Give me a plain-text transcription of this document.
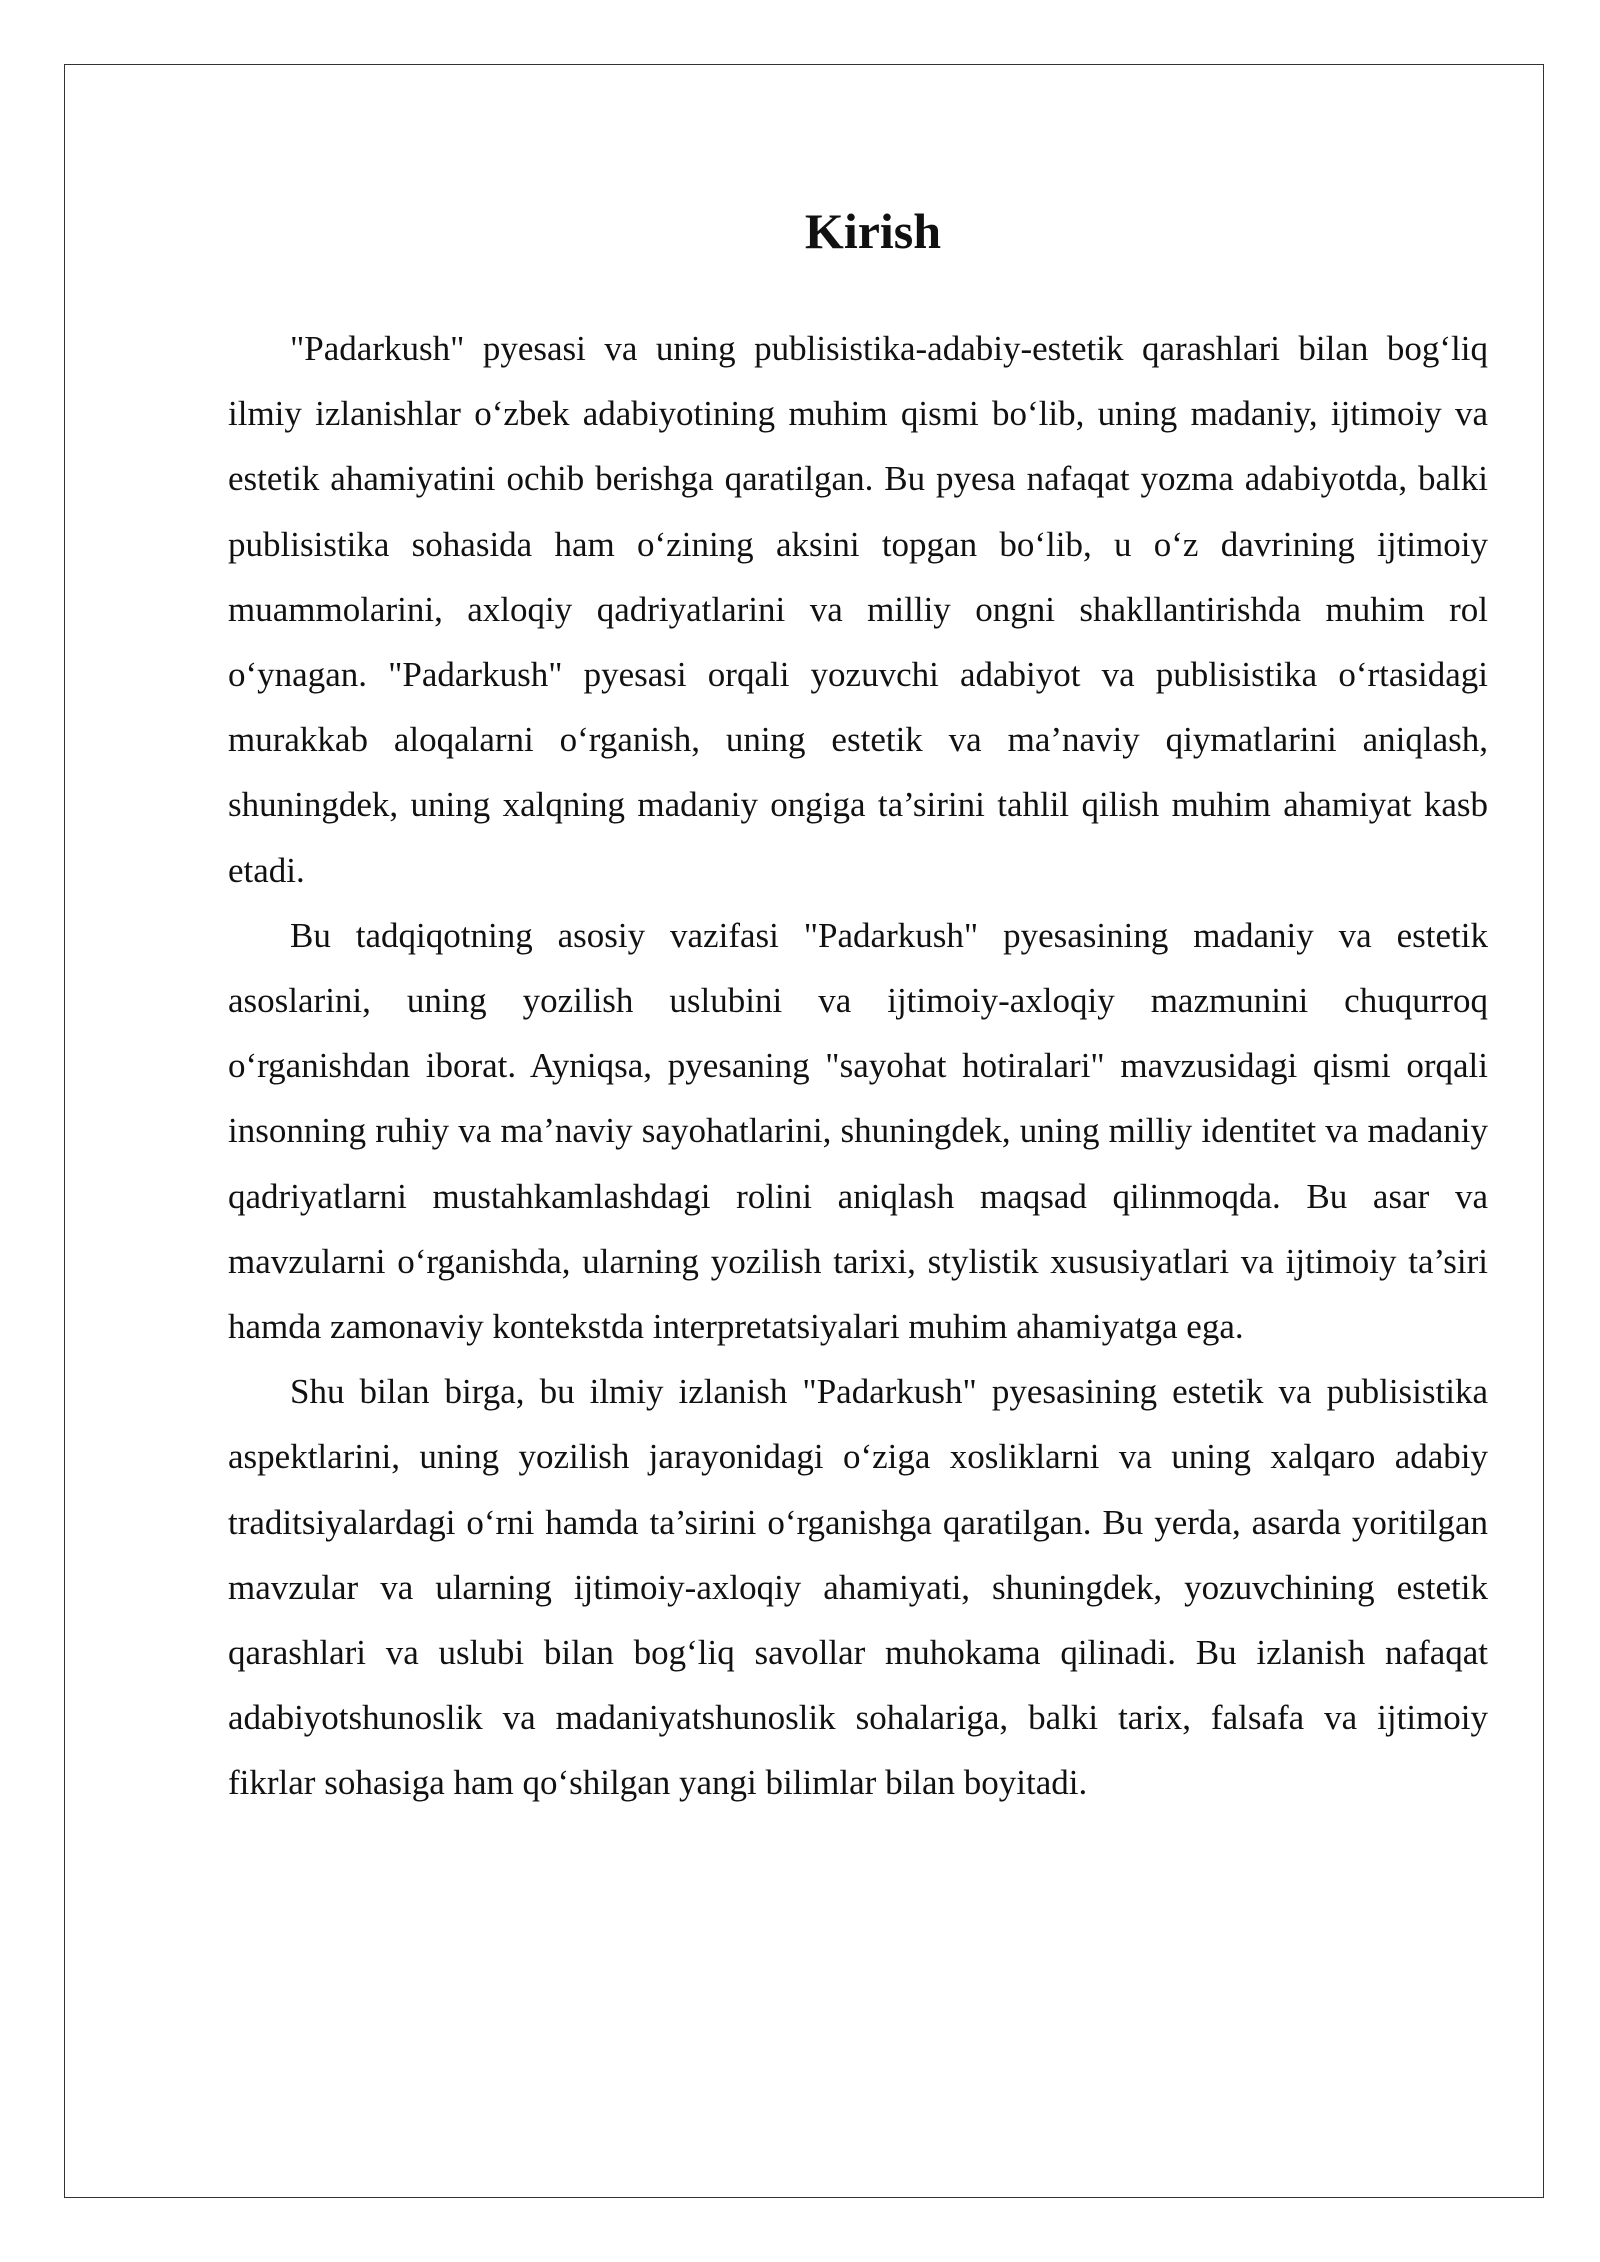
Kirish

"Padarkush" pyesasi va uning publisistika-adabiy-estetik qarashlari bilan bog‘liq ilmiy izlanishlar o‘zbek adabiyotining muhim qismi bo‘lib, uning madaniy, ijtimoiy va estetik ahamiyatini ochib berishga qaratilgan. Bu pyesa nafaqat yozma adabiyotda, balki publisistika sohasida ham o‘zining aksini topgan bo‘lib, u o‘z davrining ijtimoiy muammolarini, axloqiy qadriyatlarini va milliy ongni shakllantirishda muhim rol o‘ynagan. "Padarkush" pyesasi orqali yozuvchi adabiyot va publisistika o‘rtasidagi murakkab aloqalarni o‘rganish, uning estetik va ma’naviy qiymatlarini aniqlash, shuningdek, uning xalqning madaniy ongiga ta’sirini tahlil qilish muhim ahamiyat kasb etadi.

Bu tadqiqotning asosiy vazifasi "Padarkush" pyesasining madaniy va estetik asoslarini, uning yozilish uslubini va ijtimoiy-axloqiy mazmunini chuqurroq o‘rganishdan iborat. Ayniqsa, pyesaning "sayohat hotiralari" mavzusidagi qismi orqali insonning ruhiy va ma’naviy sayohatlarini, shuningdek, uning milliy identitet va madaniy qadriyatlarni mustahkamlashdagi rolini aniqlash maqsad qilinmoqda. Bu asar va mavzularni o‘rganishda, ularning yozilish tarixi, stylistik xususiyatlari va ijtimoiy ta’siri hamda zamonaviy kontekstda interpretatsiyalari muhim ahamiyatga ega.

Shu bilan birga, bu ilmiy izlanish "Padarkush" pyesasining estetik va publisistika aspektlarini, uning yozilish jarayonidagi o‘ziga xosliklarni va uning xalqaro adabiy traditsiyalardagi o‘rni hamda ta’sirini o‘rganishga qaratilgan. Bu yerda, asarda yoritilgan mavzular va ularning ijtimoiy-axloqiy ahamiyati, shuningdek, yozuvchining estetik qarashlari va uslubi bilan bog‘liq savollar muhokama qilinadi. Bu izlanish nafaqat adabiyotshunoslik va madaniyatshunoslik sohalariga, balki tarix, falsafa va ijtimoiy fikrlar sohasiga ham qo‘shilgan yangi bilimlar bilan boyitadi.
